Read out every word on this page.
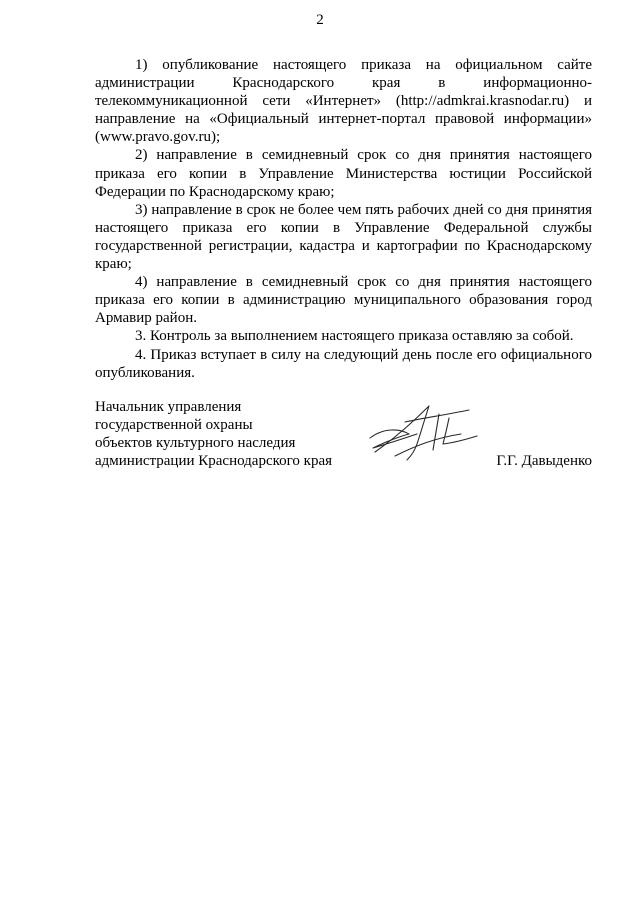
2

1) опубликование настоящего приказа на официальном сайте администрации Краснодарского края в информационно-телекоммуникационной сети «Интернет» (http://admkrai.krasnodar.ru) и направление на «Официальный интернет-портал правовой информации» (www.pravo.gov.ru);

2) направление в семидневный срок со дня принятия настоящего приказа его копии в Управление Министерства юстиции Российской Федерации по Краснодарскому краю;

3) направление в срок не более чем пять рабочих дней со дня принятия настоящего приказа его копии в Управление Федеральной службы государственной регистрации, кадастра и картографии по Краснодарскому краю;

4) направление в семидневный срок со дня принятия настоящего приказа его копии в администрацию муниципального образования город Армавир район.

3. Контроль за выполнением настоящего приказа оставляю за собой.

4. Приказ вступает в силу на следующий день после его официального опубликования.

Начальник управления
государственной охраны
объектов культурного наследия
администрации Краснодарского края	Г.Г. Давыденко
